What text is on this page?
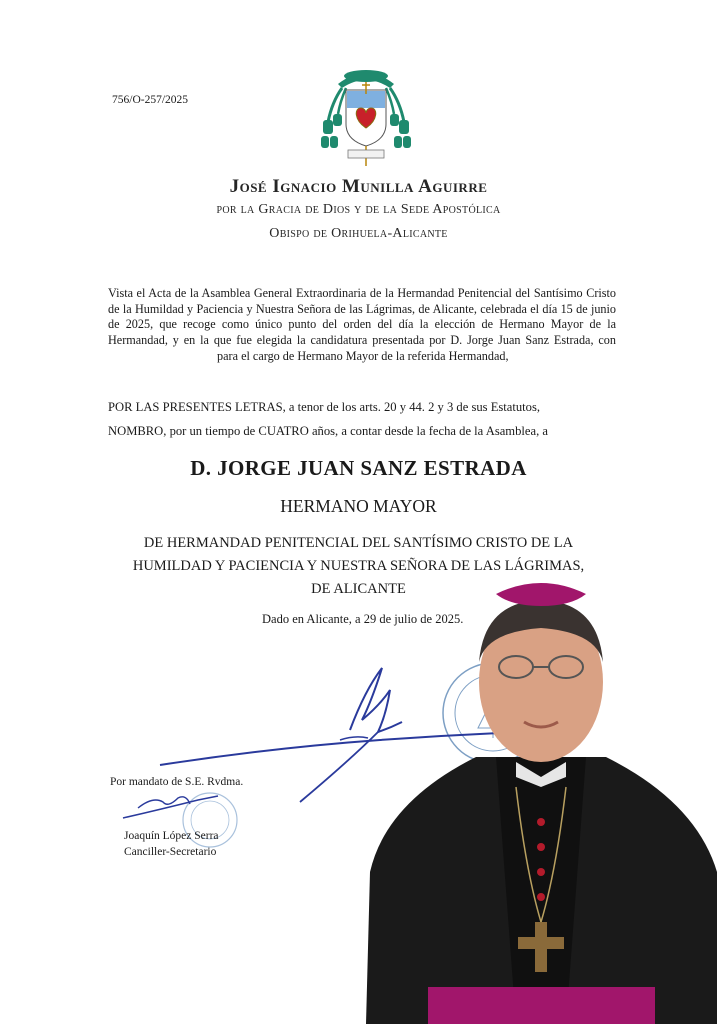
756/O-257/2025
José Ignacio Munilla Aguirre
por la Gracia de Dios y de la Sede Apostólica
Obispo de Orihuela-Alicante
Vista el Acta de la Asamblea General Extraordinaria de la Hermandad Penitencial del Santísimo Cristo de la Humildad y Paciencia y Nuestra Señora de las Lágrimas, de Alicante, celebrada el día 15 de junio de 2025, que recoge como único punto del orden del día la elección de Hermano Mayor de la Hermandad, y en la que fue elegida la candidatura presentada por D. Jorge Juan Sanz Estrada, con  para el cargo de Hermano Mayor de la referida Hermandad,
POR LAS PRESENTES LETRAS, a tenor de los arts. 20 y 44. 2 y 3 de sus Estatutos,
NOMBRO, por un tiempo de CUATRO años, a contar desde la fecha de la Asamblea, a
D. JORGE JUAN SANZ ESTRADA
HERMANO MAYOR
DE HERMANDAD PENITENCIAL DEL SANTÍSIMO CRISTO DE LA
HUMILDAD Y PACIENCIA Y NUESTRA SEÑORA DE LAS LÁGRIMAS,
DE ALICANTE
Dado en Alicante, a 29 de julio de 2025.
Por mandato de S.E. Rvdma.
Joaquín López Serra
Canciller-Secretario
